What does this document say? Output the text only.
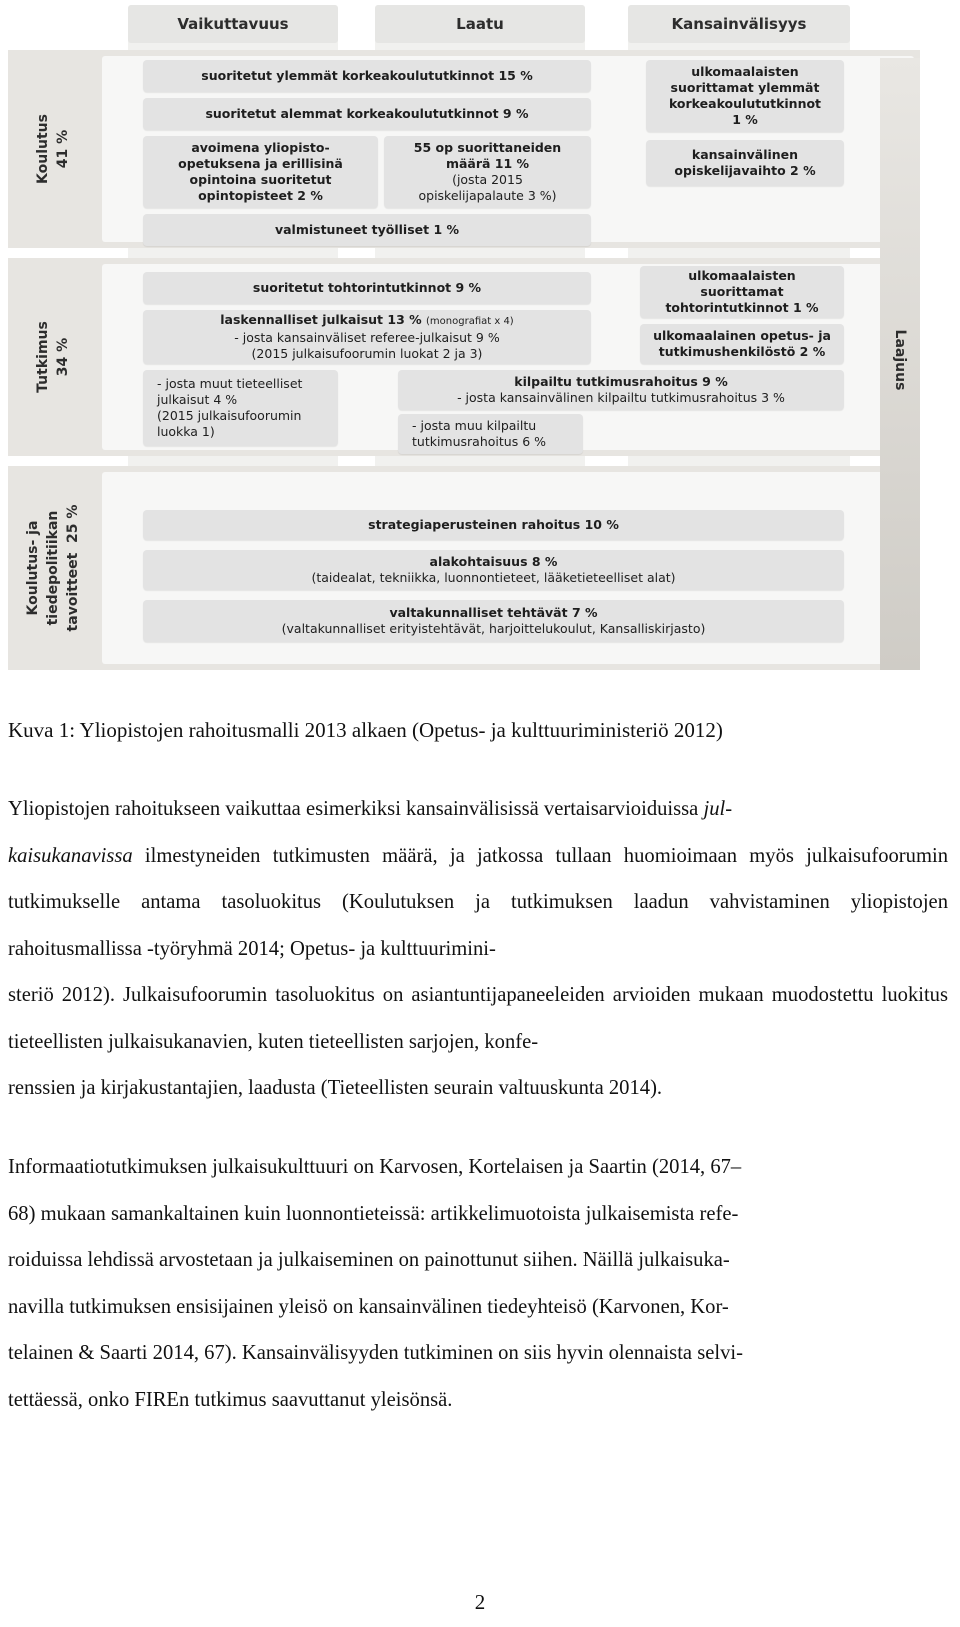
Laajuus
Vaikuttavuus	Laatu	Kansainvälisyys
Koulutus 41 %
Tutkimus 34 %
Koulutus- ja tiedepolitiikan tavoitteet  25 %
suoritetut ylemmät korkeakoulututkinnot 15 %
suoritetut alemmat korkeakoulututkinnot 9 %
avoimena yliopisto-
opetuksena ja erillisinä
opintoina suoritetut
opintopisteet 2 %
55 op suorittaneiden
määrä 11 %
(josta 2015
opiskelijapalaute 3 %)
valmistuneet työlliset 1 %
ulkomaalaisten
suorittamat ylemmät
korkeakoulututkinnot
1 %
kansainvälinen
opiskelijavaihto 2 %
suoritetut tohtorintutkinnot 9 %
laskennalliset julkaisut 13 % (monografiat x 4)
- josta kansainväliset referee-julkaisut 9 %
(2015 julkaisufoorumin luokat 2 ja 3)
- josta muut tieteelliset
julkaisut 4 %
(2015 julkaisufoorumin
luokka 1)
ulkomaalaisten
suorittamat
tohtorintutkinnot 1 %
ulkomaalainen opetus- ja
tutkimushenkilöstö 2 %
kilpailtu tutkimusrahoitus 9 %
- josta kansainvälinen kilpailtu tutkimusrahoitus 3 %
- josta muu kilpailtu
tutkimusrahoitus 6 %
strategiaperusteinen rahoitus 10 %
alakohtaisuus 8 %
(taidealat, tekniikka, luonnontieteet, lääketieteelliset alat)
valtakunnalliset tehtävät 7 %
(valtakunnalliset erityistehtävät, harjoittelukoulut, Kansalliskirjasto)
Kuva 1: Yliopistojen rahoitusmalli 2013 alkaen (Opetus- ja kulttuuriministeriö 2012)
Yliopistojen rahoitukseen vaikuttaa esimerkiksi kansainvälisissä vertaisarvioiduissa jul-
kaisukanavissa ilmestyneiden tutkimusten määrä, ja jatkossa tullaan huomioimaan myös julkaisufoorumin tutkimukselle antama tasoluokitus (Koulutuksen ja tutkimuksen laadun vahvistaminen yliopistojen rahoitusmallissa -työryhmä 2014; Opetus- ja kulttuurimini-
steriö 2012). Julkaisufoorumin tasoluokitus on asiantuntijapaneeleiden arvioiden mukaan muodostettu luokitus tieteellisten julkaisukanavien, kuten tieteellisten sarjojen, konfe-
renssien ja kirjakustantajien, laadusta (Tieteellisten seurain valtuuskunta 2014).
Informaatiotutkimuksen julkaisukulttuuri on Karvosen, Kortelaisen ja Saartin (2014, 67–
68) mukaan samankaltainen kuin luonnontieteissä: artikkelimuotoista julkaisemista refe-
roiduissa lehdissä arvostetaan ja julkaiseminen on painottunut siihen. Näillä julkaisuka-
navilla tutkimuksen ensisijainen yleisö on kansainvälinen tiedeyhteisö (Karvonen, Kor-
telainen & Saarti 2014, 67). Kansainvälisyyden tutkiminen on siis hyvin olennaista selvi-
tettäessä, onko FIREn tutkimus saavuttanut yleisönsä.
2
